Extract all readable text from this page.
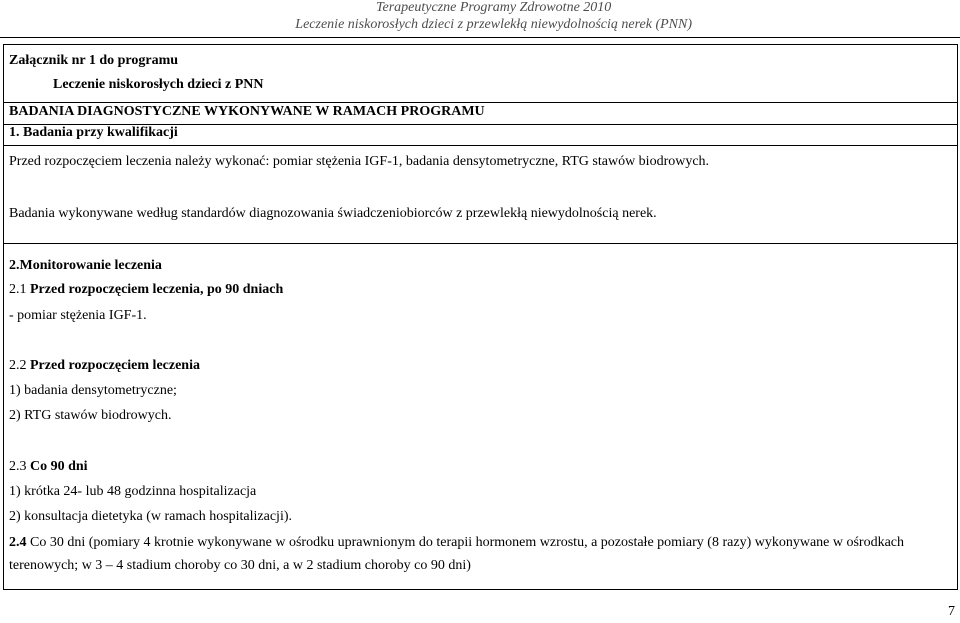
Terapeutyczne Programy Zdrowotne 2010
Leczenie niskorosłych dzieci z przewlekłą niewydolnością nerek (PNN)
Załącznik nr 1 do programu
Leczenie niskorosłych dzieci z PNN
BADANIA DIAGNOSTYCZNE WYKONYWANE W RAMACH PROGRAMU
1. Badania przy kwalifikacji
Przed rozpoczęciem leczenia należy wykonać: pomiar stężenia IGF-1, badania densytometryczne, RTG stawów biodrowych.
Badania wykonywane według standardów diagnozowania świadczeniobiorców z przewlekłą niewydolnością nerek.
2.Monitorowanie leczenia
2.1 Przed rozpoczęciem leczenia, po 90 dniach
- pomiar stężenia IGF-1.
2.2 Przed rozpoczęciem leczenia
1) badania densytometryczne;
2) RTG stawów biodrowych.
2.3 Co 90 dni
1) krótka 24- lub 48 godzinna hospitalizacja
2) konsultacja dietetyka (w ramach hospitalizacji).
2.4 Co 30 dni (pomiary 4 krotnie wykonywane w ośrodku uprawnionym do terapii hormonem wzrostu, a pozostałe pomiary (8 razy) wykonywane w ośrodkach
terenowych; w 3 – 4 stadium choroby co 30 dni, a w 2 stadium choroby co 90 dni)
7
